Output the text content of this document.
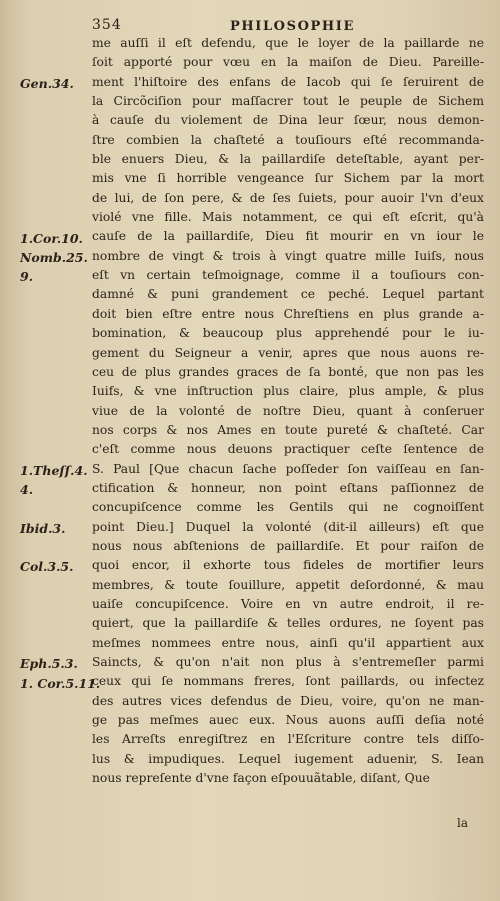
354	PHILOSOPHIE
me auſſi il eſt defendu, que le loyer de la paillarde ne
ſoit apporté pour vœu en la maiſon de Dieu. Pareille-
ment l'hiſtoire des enfans de Iacob qui ſe ſeruirent de
la Circõciſion pour maſſacrer tout le peuple de Sichem
à cauſe du violement de Dina leur ſœur, nous demon-
ſtre combien la chaſteté a touſiours eſté recommanda-
ble enuers Dieu, & la paillardiſe deteſtable, ayant per-
mis vne ſi horrible vengeance ſur Sichem par la mort
de lui, de ſon pere, & de ſes ſuiets, pour auoir l'vn d'eux
violé vne fille. Mais notamment, ce qui eſt eſcrit, qu'à
cauſe de la paillardiſe, Dieu fit mourir en vn iour le
nombre de vingt & trois à vingt quatre mille Iuiſs, nous
eſt vn certain teſmoignage, comme il a touſiours con-
damné & puni grandement ce peché. Lequel partant
doit bien eſtre entre nous Chreſtiens en plus grande a-
bomination, & beaucoup plus apprehendé pour le iu-
gement du Seigneur a venir, apres que nous auons re-
ceu de plus grandes graces de ſa bonté, que non pas les
Iuifs, & vne inſtruction plus claire, plus ample, & plus
viue de la volonté de noſtre Dieu, quant à conſeruer
nos corps & nos Ames en toute pureté & chaſteté. Car
c'eſt comme nous deuons practiquer ceſte ſentence de
S. Paul [Que chacun ſache poſſeder ſon vaiſſeau en ſan-
ctification & honneur, non point eſtans paſſionnez de
concupiſcence comme les Gentils qui ne cognoiſſent
point Dieu.] Duquel la volonté (dit-il ailleurs) eſt que
nous nous abſtenions de paillardiſe. Et pour raiſon de
quoi encor, il exhorte tous fideles de mortifier leurs
membres, & toute ſouillure, appetit deſordonné, & mau
uaiſe concupiſcence. Voire en vn autre endroit, il re-
quiert, que la paillardiſe & telles ordures, ne ſoyent pas
meſmes nommees entre nous, ainſi qu'il appartient aux
Saincts, & qu'on n'ait non plus à s'entremeſler parmi
ceux qui ſe nommans freres, ſont paillards, ou infectez
des autres vices defendus de Dieu, voire, qu'on ne man-
ge pas meſmes auec eux. Nous auons auſſi deſia noté
les Arreſts enregiſtrez en l'Eſcriture contre tels diſſo-
lus & impudiques. Lequel iugement aduenir, S. Iean
nous repreſente d'vne façon eſpouuãtable, diſant, Que
Gen.34.
1.Cor.10.
Nomb.25.
9.
1.Theſſ.4.
4.
Ibid.3.
Col.3.5.
Eph.5.3.
1. Cor.5.11.
la
